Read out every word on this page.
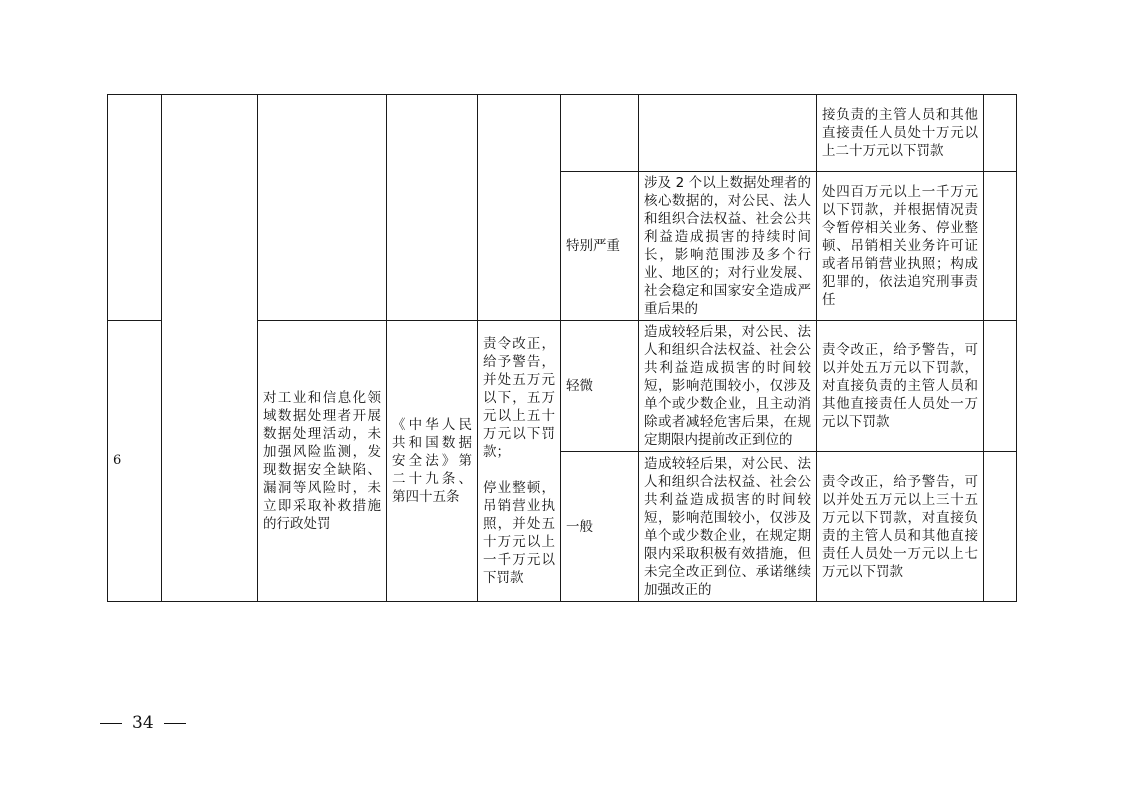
							接负责的主管人员和其他直接责任人员处十万元以上二十万元以下罚款	
					特别严重	涉及 2 个以上数据处理者的核心数据的，对公民、法人和组织合法权益、社会公共利益造成损害的持续时间长，影响范围涉及多个行业、地区的；对行业发展、社会稳定和国家安全造成严重后果的	处四百万元以上一千万元以下罚款，并根据情况责令暂停相关业务、停业整顿、吊销相关业务许可证或者吊销营业执照；构成犯罪的，依法追究刑事责任	
6		对工业和信息化领域数据处理者开展数据处理活动，未加强风险监测，发现数据安全缺陷、漏洞等风险时，未立即采取补救措施的行政处罚	《中华人民共和国数据安全法》第二十九条、第四十五条	责令改正，给予警告，并处五万元以下，五万元以上五十万元以下罚款；
停业整顿，吊销营业执照，并处五十万元以上一千万元以下罚款	轻微	造成较轻后果，对公民、法人和组织合法权益、社会公共利益造成损害的时间较短，影响范围较小，仅涉及单个或少数企业，且主动消除或者减轻危害后果，在规定期限内提前改正到位的	责令改正，给予警告，可以并处五万元以下罚款，对直接负责的主管人员和其他直接责任人员处一万元以下罚款	
					一般	造成较轻后果，对公民、法人和组织合法权益、社会公共利益造成损害的时间较短，影响范围较小，仅涉及单个或少数企业，在规定期限内采取积极有效措施，但未完全改正到位、承诺继续加强改正的	责令改正，给予警告，可以并处五万元以上三十五万元以下罚款，对直接负责的主管人员和其他直接责任人员处一万元以上七万元以下罚款	
34
